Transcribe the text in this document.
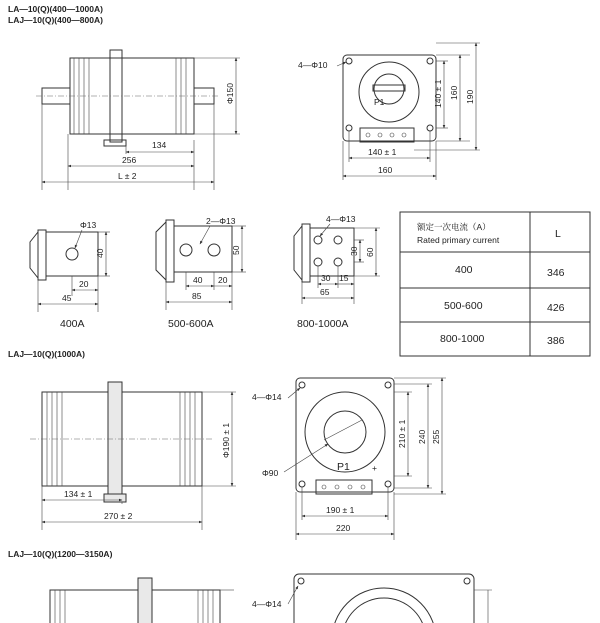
LA—10(Q)(400—1000A)
LAJ—10(Q)(400—800A)
LAJ—10(Q)(1000A)
LAJ—10(Q)(1200—3150A)
Φ150
134
256
L ± 2
P1
4—Φ10
140 ± 1 160 190
140 ± 1
160
Φ13
40
20
45
400A
2—Φ13
50
40 20
85
500-600A
4—Φ13
30 60
30 15
65
800-1000A
额定一次电流（A）
Rated primary current	L
400	346
500-600	426
800-1000	386
Φ190 ± 1
134 ± 1
270 ± 2
P1	+
4—Φ14
Φ90
210 ± 1 240 255
190 ± 1
220
4—Φ14
